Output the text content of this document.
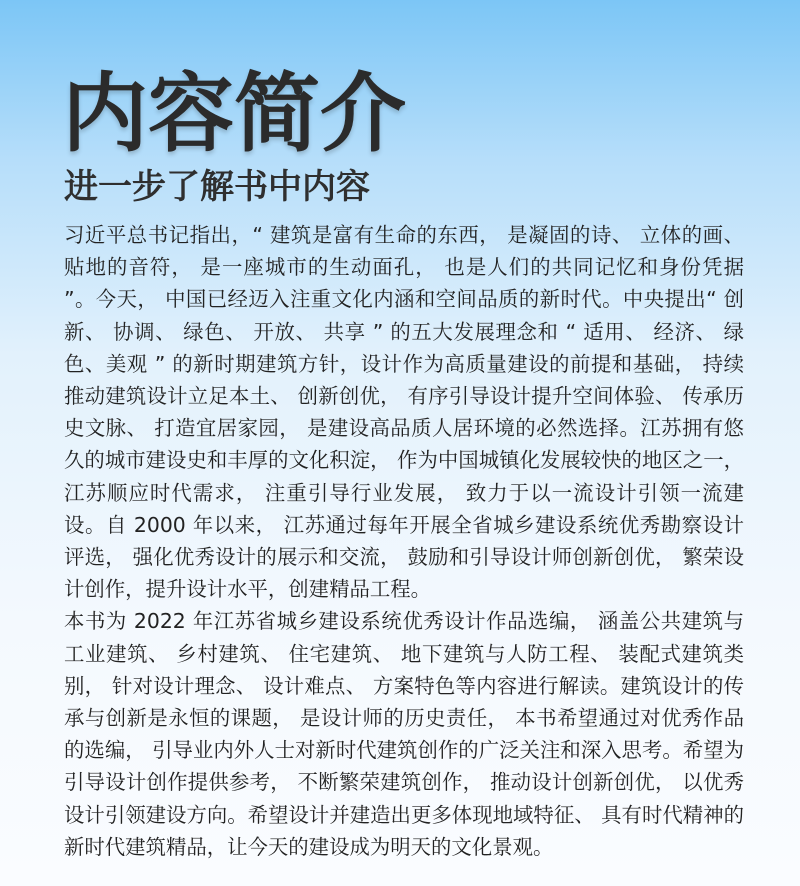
内容简介
进一步了解书中内容

习近平总书记指出，“ 建筑是富有生命的东西， 是凝固的诗、 立体的画、 贴地的音符， 是一座城市的生动面孔， 也是人们的共同记忆和身份凭据 ”。今天， 中国已经迈入注重文化内涵和空间品质的新时代。中央提出“ 创新、 协调、 绿色、 开放、 共享 ” 的五大发展理念和 “ 适用、 经济、 绿色、美观 ” 的新时期建筑方针，设计作为高质量建设的前提和基础， 持续推动建筑设计立足本土、 创新创优， 有序引导设计提升空间体验、 传承历史文脉、 打造宜居家园， 是建设高品质人居环境的必然选择。江苏拥有悠久的城市建设史和丰厚的文化积淀， 作为中国城镇化发展较快的地区之一， 江苏顺应时代需求， 注重引导行业发展， 致力于以一流设计引领一流建设。自 2000 年以来， 江苏通过每年开展全省城乡建设系统优秀勘察设计评选， 强化优秀设计的展示和交流， 鼓励和引导设计师创新创优， 繁荣设计创作，提升设计水平，创建精品工程。

本书为 2022 年江苏省城乡建设系统优秀设计作品选编， 涵盖公共建筑与工业建筑、 乡村建筑、 住宅建筑、 地下建筑与人防工程、 装配式建筑类别， 针对设计理念、 设计难点、 方案特色等内容进行解读。建筑设计的传承与创新是永恒的课题， 是设计师的历史责任， 本书希望通过对优秀作品的选编， 引导业内外人士对新时代建筑创作的广泛关注和深入思考。希望为引导设计创作提供参考， 不断繁荣建筑创作， 推动设计创新创优， 以优秀设计引领建设方向。希望设计并建造出更多体现地域特征、 具有时代精神的新时代建筑精品，让今天的建设成为明天的文化景观。
